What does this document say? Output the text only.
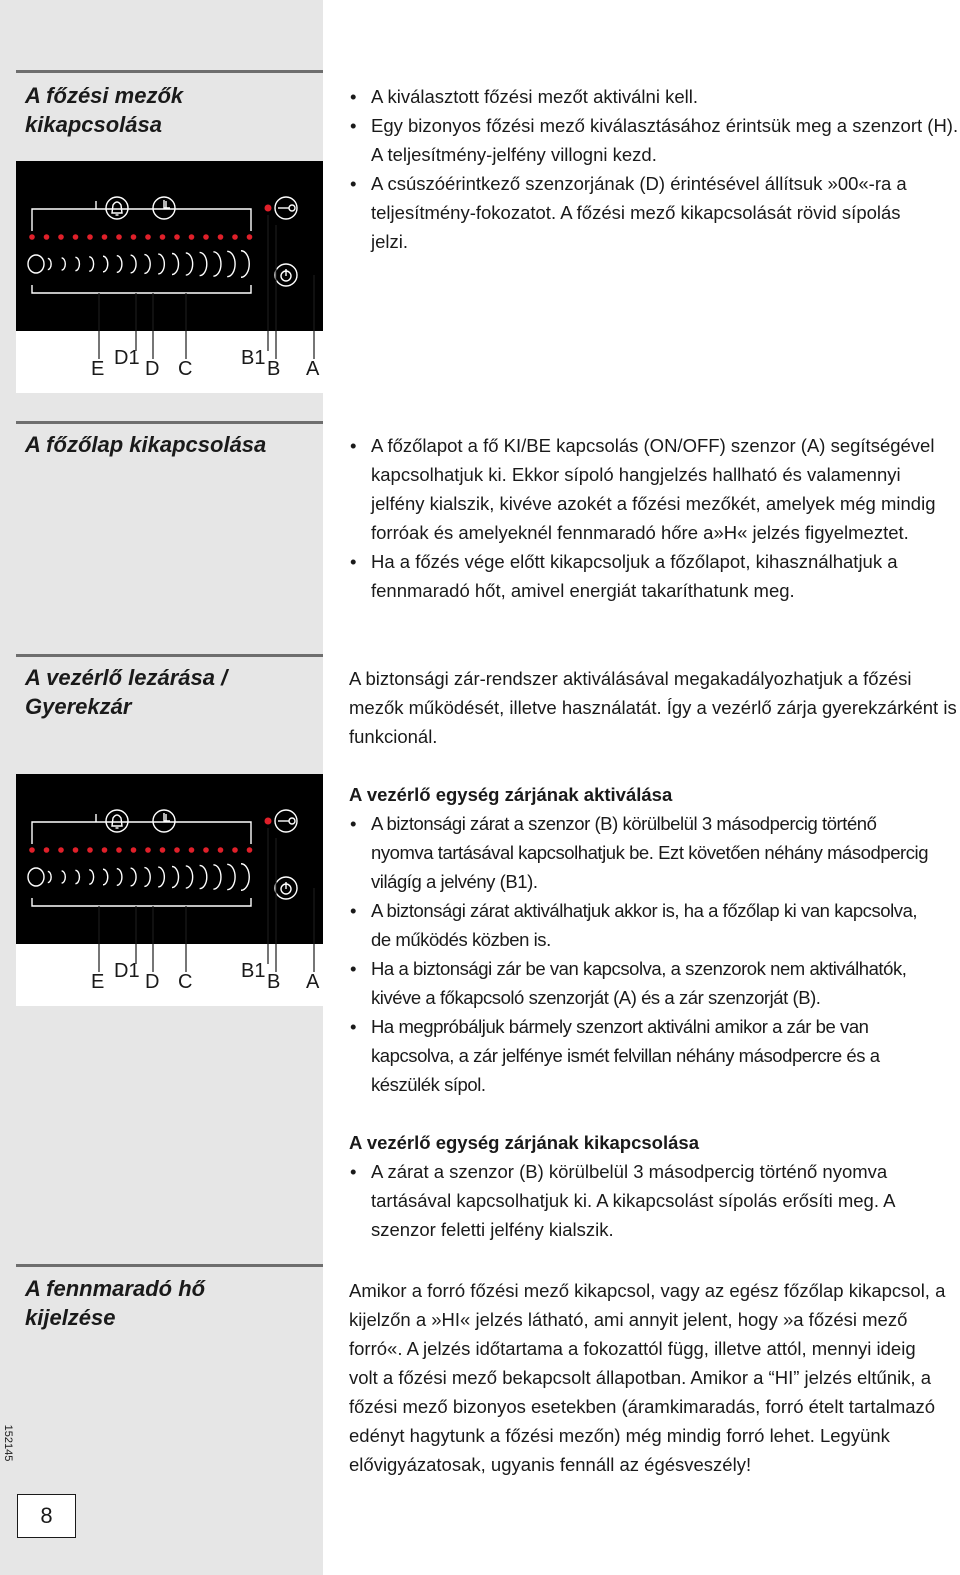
A főzési mezők
kikapcsolása
E D1 D C B1 B A
• A kiválasztott főzési mezőt aktiválni kell.
• Egy bizonyos főzési mező kiválasztásához érintsük meg a szenzort (H). A teljesítmény-jelfény villogni kezd.
• A csúszóérintkező szenzorjának (D) érintésével állítsuk »00«-ra a teljesítmény-fokozatot. A főzési mező kikapcsolását rövid sípolás jelzi.
A főzőlap kikapcsolása
•	A főzőlapot a fő KI/BE kapcsolás (ON/OFF) szenzor (A) segítségével kapcsolhatjuk ki. Ekkor sípoló hangjelzés hallható és valamennyi jelfény kialszik, kivéve azokét a főzési mezőkét, amelyek még mindig forróak és amelyeknél fennmaradó hőre a»H« jelzés figyelmeztet.
• Ha a főzés vége előtt kikapcsoljuk a főzőlapot, kihasználhatjuk a fennmaradó hőt, amivel energiát takaríthatunk meg.
A vezérlő lezárása /
Gyerekzár
E D1 D C B1 B A

A biztonsági zár-rendszer aktiválásával megakadályozhatjuk a főzési mezők működését, illetve használatát. Így a vezérlő zárja gyerekzárként is funkcionál.

A vezérlő egység zárjának aktiválása
• A biztonsági zárat a szenzor (B) körülbelül 3 másodpercig történő nyomva tartásával kapcsolhatjuk be. Ezt követően néhány másodpercig világíg a jelvény (B1).
• A biztonsági zárat aktiválhatjuk akkor is, ha a főzőlap ki van kapcsolva, de működés közben is.
• Ha a biztonsági zár be van kapcsolva, a szenzorok nem aktiválhatók, kivéve a főkapcsoló szenzorját (A) és a zár szenzorját (B).
• Ha megpróbáljuk bármely szenzort aktiválni amikor a zár be van kapcsolva, a zár jelfénye ismét felvillan néhány másodpercre és a készülék sípol.
A vezérlő egység zárjának kikapcsolása
• A zárat a szenzor (B) körülbelül 3 másodpercig történő nyomva tartásával kapcsolhatjuk ki. A kikapcsolást sípolás erősíti meg. A szenzor feletti jelfény kialszik.
A fennmaradó hő
kijelzése

Amikor a forró főzési mező kikapcsol, vagy az egész főzőlap kikapcsol, a kijelzőn a »HI« jelzés látható, ami annyit jelent, hogy »a főzési mező forró«. A jelzés időtartama a fokozattól függ, illetve attól, mennyi ideig volt a főzési mező bekapcsolt állapotban. Amikor a “HI” jelzés eltűnik, a főzési mező bizonyos esetekben (áramkimaradás, forró ételt tartalmazó edényt hagytunk a főzési mezőn) még mindig forró lehet. Legyünk elővigyázatosak, ugyanis fennáll az égésveszély!

152145
8
